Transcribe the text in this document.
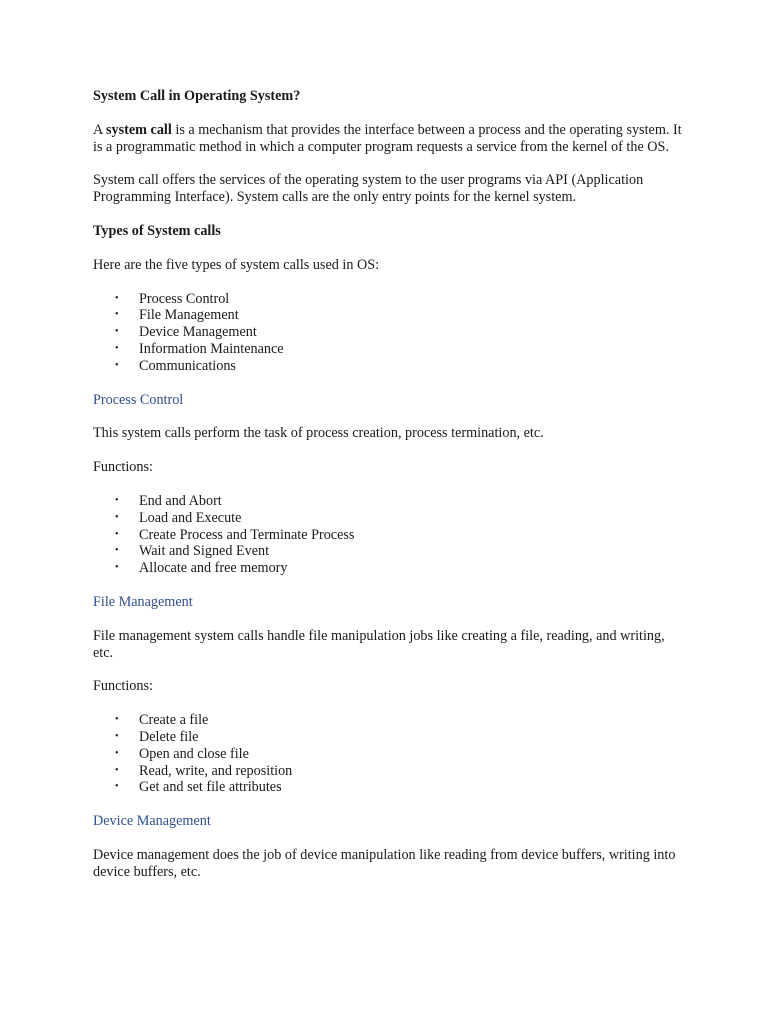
System Call in Operating System?
A system call is a mechanism that provides the interface between a process and the operating system. It is a programmatic method in which a computer program requests a service from the kernel of the OS.
System call offers the services of the operating system to the user programs via API (Application Programming Interface). System calls are the only entry points for the kernel system.
Types of System calls
Here are the five types of system calls used in OS:
• Process Control
• File Management
• Device Management
• Information Maintenance
• Communications
Process Control
This system calls perform the task of process creation, process termination, etc.
Functions:
• End and Abort
• Load and Execute
• Create Process and Terminate Process
• Wait and Signed Event
• Allocate and free memory
File Management
File management system calls handle file manipulation jobs like creating a file, reading, and writing, etc.
Functions:
• Create a file
• Delete file
• Open and close file
• Read, write, and reposition
• Get and set file attributes
Device Management
Device management does the job of device manipulation like reading from device buffers, writing into device buffers, etc.
